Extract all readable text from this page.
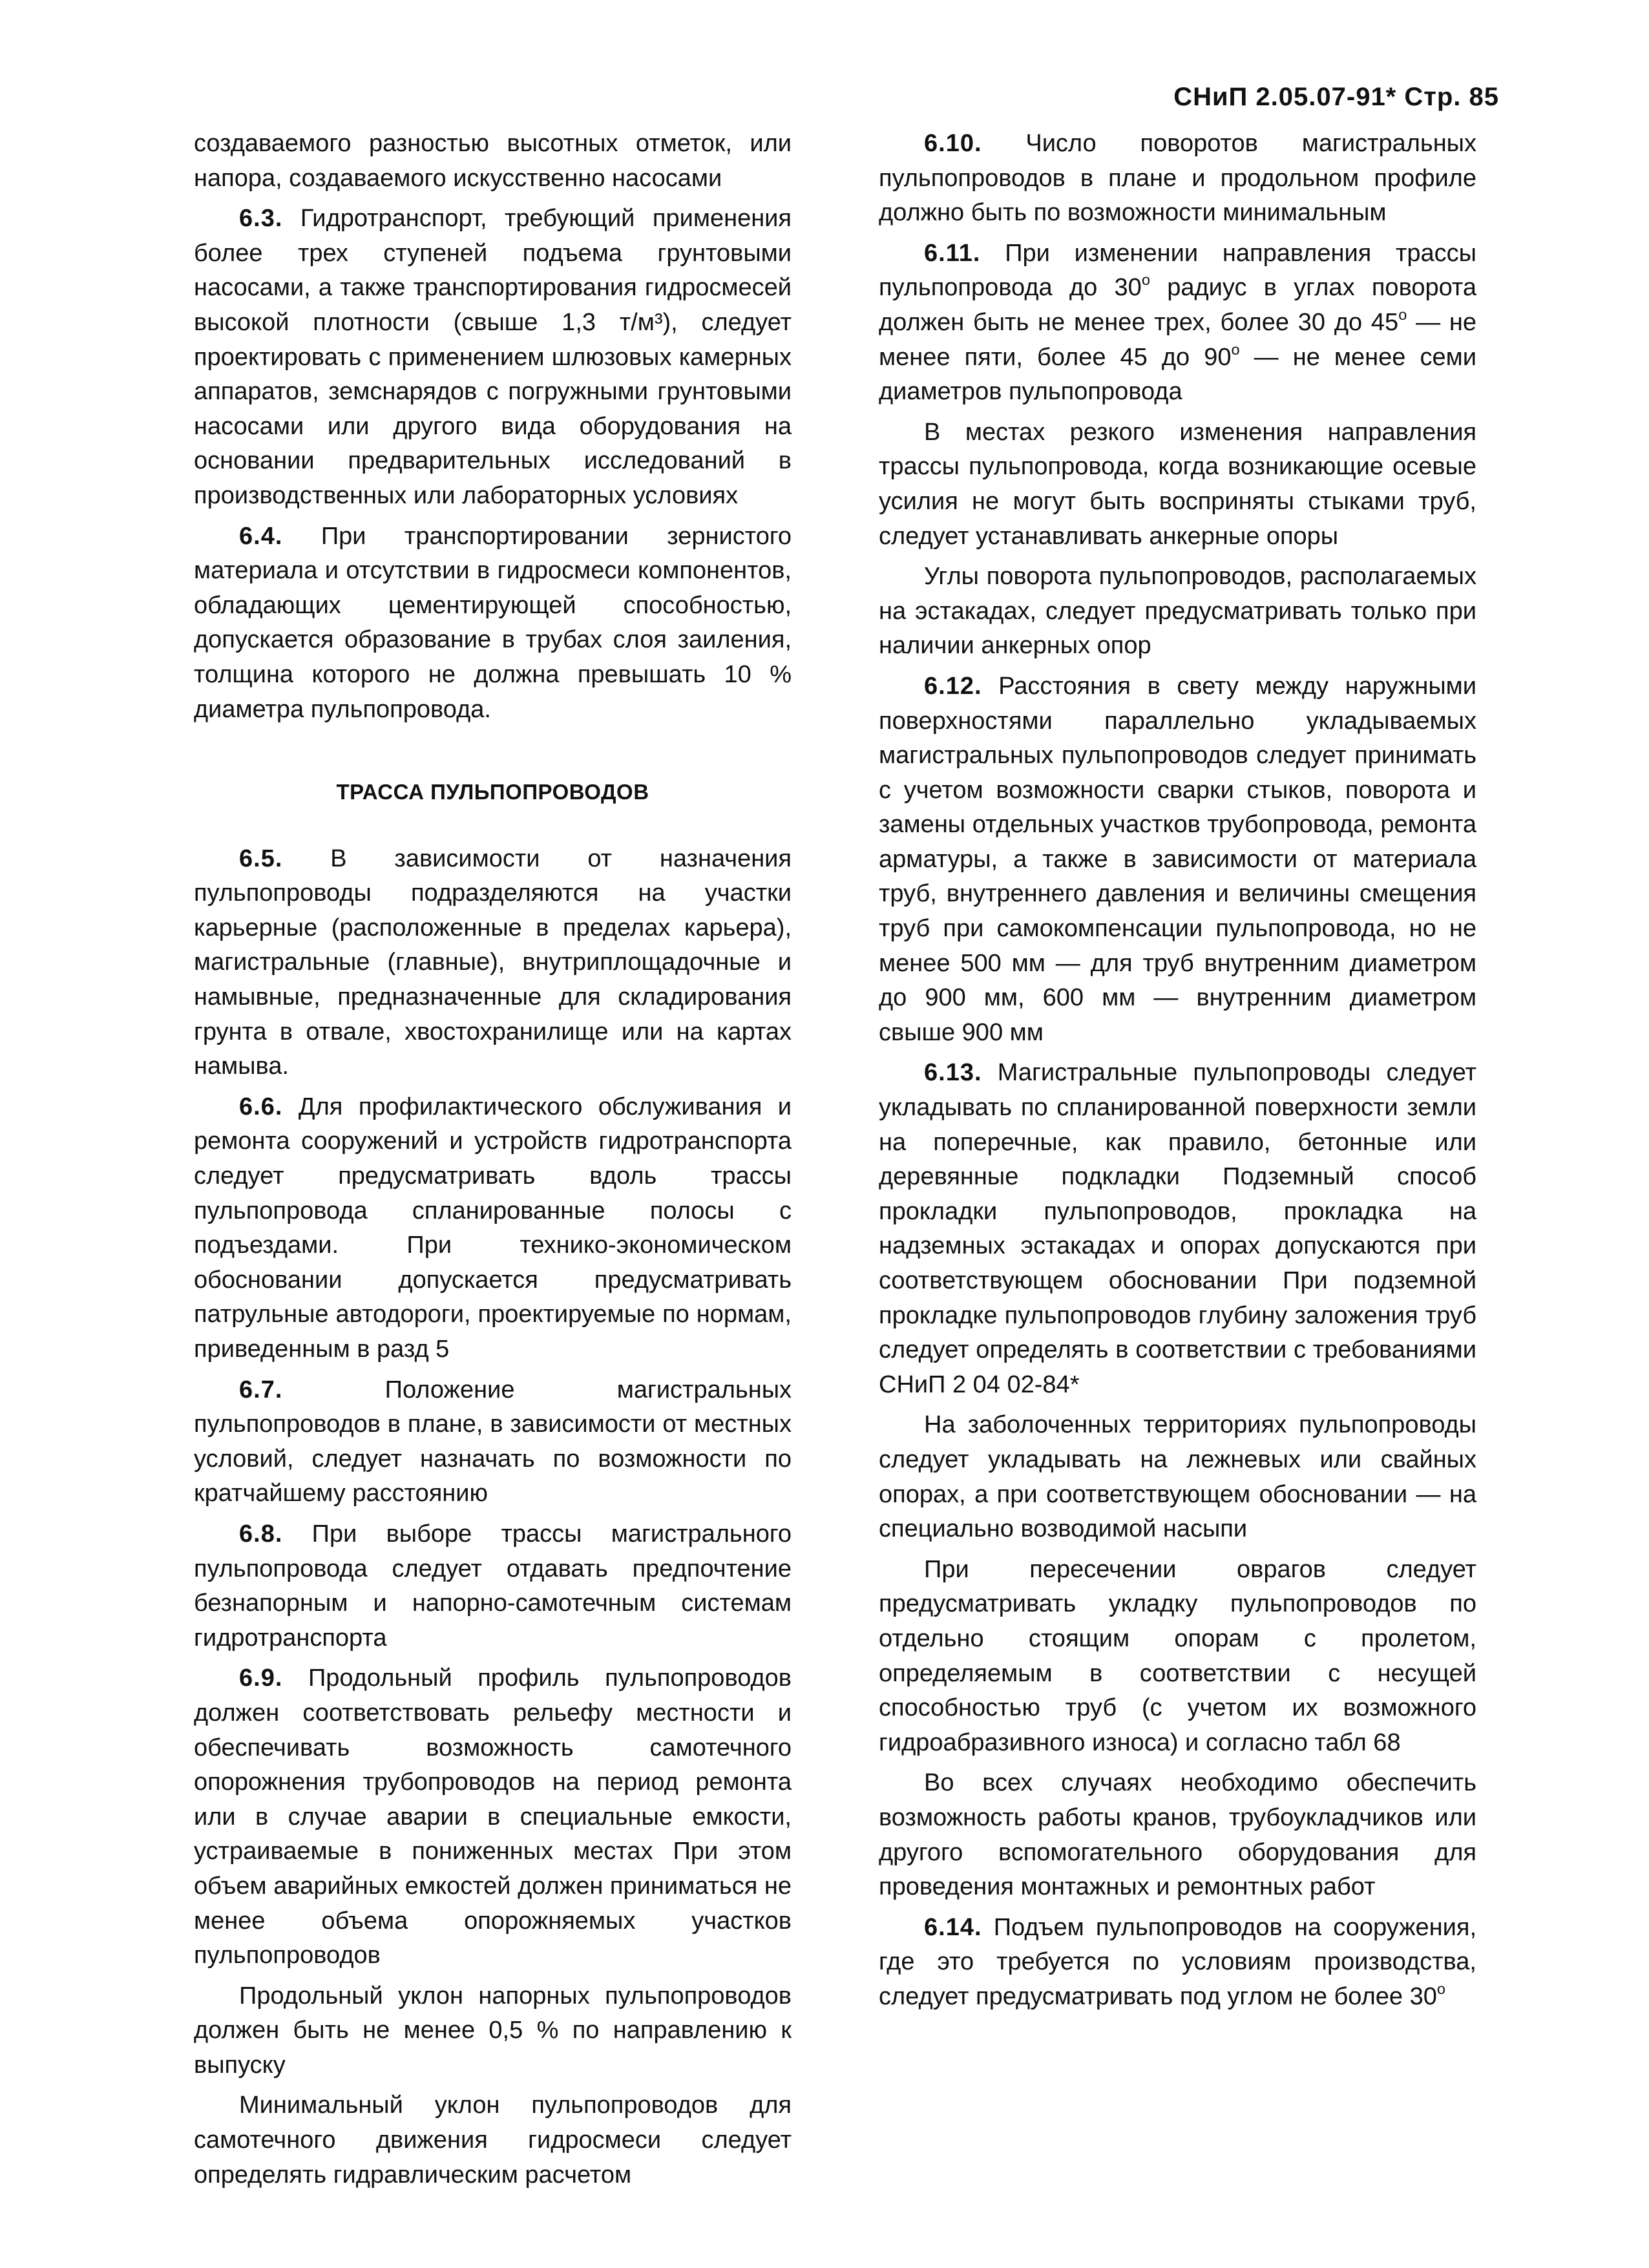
СНиП 2.05.07-91* Стр. 85

создаваемого разностью высотных отметок, или напора, создаваемого искусственно насосами

6.3. Гидротранспорт, требующий применения более трех ступеней подъема грунтовыми насосами, а также транспортирования гидросмесей высокой плотности (свыше 1,3 т/м³), следует проектировать с применением шлюзовых камерных аппаратов, земснарядов с погружными грунтовыми насосами или другого вида оборудования на основании предварительных исследований в производственных или лабораторных условиях

6.4. При транспортировании зернистого материала и отсутствии в гидросмеси компонентов, обладающих цементирующей способностью, допускается образование в трубах слоя заиления, толщина которого не должна превышать 10 % диаметра пульпопровода.

ТРАССА ПУЛЬПОПРОВОДОВ

6.5. В зависимости от назначения пульпопроводы подразделяются на участки карьерные (расположенные в пределах карьера), магистральные (главные), внутриплощадочные и намывные, предназначенные для складирования грунта в отвале, хвостохранилище или на картах намыва.

6.6. Для профилактического обслуживания и ремонта сооружений и устройств гидротранспорта следует предусматривать вдоль трассы пульпопровода спланированные полосы с подъездами. При технико-экономическом обосновании допускается предусматривать патрульные автодороги, проектируемые по нормам, приведенным в разд 5

6.7. Положение магистральных пульпопроводов в плане, в зависимости от местных условий, следует назначать по возможности по кратчайшему расстоянию

6.8. При выборе трассы магистрального пульпопровода следует отдавать предпочтение безнапорным и напорно-самотечным системам гидротранспорта

6.9. Продольный профиль пульпопроводов должен соответствовать рельефу местности и обеспечивать возможность самотечного опорожнения трубопроводов на период ремонта или в случае аварии в специальные емкости, устраиваемые в пониженных местах При этом объем аварийных емкостей должен приниматься не менее объема опорожняемых участков пульпопроводов

Продольный уклон напорных пульпопроводов должен быть не менее 0,5 % по направлению к выпуску

Минимальный уклон пульпопроводов для самотечного движения гидросмеси следует определять гидравлическим расчетом

6.10. Число поворотов магистральных пульпопроводов в плане и продольном профиле должно быть по возможности минимальным

6.11. При изменении направления трассы пульпопровода до $30^о$ радиус в углах поворота должен быть не менее трех, более 30 до $45^о$ — не менее пяти, более 45 до $90^о$ — не менее семи диаметров пульпопровода

В местах резкого изменения направления трассы пульпопровода, когда возникающие осевые усилия не могут быть восприняты стыками труб, следует устанавливать анкерные опоры

Углы поворота пульпопроводов, располагаемых на эстакадах, следует предусматривать только при наличии анкерных опор

6.12. Расстояния в свету между наружными поверхностями параллельно укладываемых магистральных пульпопроводов следует принимать с учетом возможности сварки стыков, поворота и замены отдельных участков трубопровода, ремонта арматуры, а также в зависимости от материала труб, внутреннего давления и величины смещения труб при самокомпенсации пульпопровода, но не менее 500 мм — для труб внутренним диаметром до 900 мм, 600 мм — внутренним диаметром свыше 900 мм

6.13. Магистральные пульпопроводы следует укладывать по спланированной поверхности земли на поперечные, как правило, бетонные или деревянные подкладки Подземный способ прокладки пульпопроводов, прокладка на надземных эстакадах и опорах допускаются при соответствующем обосновании При подземной прокладке пульпопроводов глубину заложения труб следует определять в соответствии с требованиями СНиП 2 04 02-84*

На заболоченных территориях пульпопроводы следует укладывать на лежневых или свайных опорах, а при соответствующем обосновании — на специально возводимой насыпи

При пересечении оврагов следует предусматривать укладку пульпопроводов по отдельно стоящим опорам с пролетом, определяемым в соответствии с несущей способностью труб (с учетом их возможного гидроабразивного износа) и согласно табл 68

Во всех случаях необходимо обеспечить возможность работы кранов, трубоукладчиков или другого вспомогательного оборудования для проведения монтажных и ремонтных работ

6.14. Подъем пульпопроводов на сооружения, где это требуется по условиям производства, следует предусматривать под углом не более $30^о$
